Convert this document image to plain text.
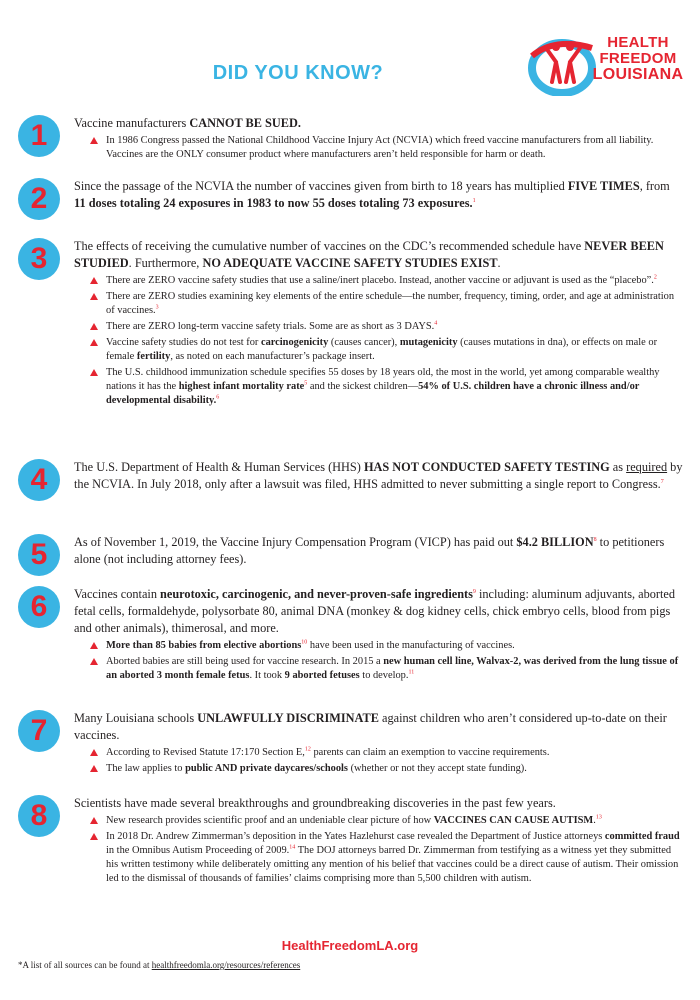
DID YOU KNOW?
HEALTH
FREEDOM
LOUISIANA
1	Vaccine manufacturers CANNOT BE SUED.

In 1986 Congress passed the National Childhood Vaccine Injury Act (NCVIA) which freed vaccine manufacturers from all liability. Vaccines are the ONLY consumer product where manufacturers aren’t held responsible for harm or death.
2	Since the passage of the NCVIA the number of vaccines given from birth to 18 years has multiplied FIVE TIMES, from 11 doses totaling 24 exposures in 1983 to now 55 doses totaling 73 exposures.$^1$

3	The effects of receiving the cumulative number of vaccines on the CDC’s recommended schedule have NEVER BEEN STUDIED. Furthermore, NO ADEQUATE VACCINE SAFETY STUDIES EXIST.

There are ZERO vaccine safety studies that use a saline/inert placebo. Instead, another vaccine or adjuvant is used as the “placebo”.$^2$
There are ZERO studies examining key elements of the entire schedule—the number, frequency, timing, order, and age at administration of vaccines.$^3$
There are ZERO long-term vaccine safety trials. Some are as short as 3 DAYS.$^4$
Vaccine safety studies do not test for carcinogenicity (causes cancer), mutagenicity (causes mutations in dna), or effects on male or female fertility, as noted on each manufacturer’s package insert.
The U.S. childhood immunization schedule specifies 55 doses by 18 years old, the most in the world, yet among comparable wealthy nations it has the highest infant mortality rate$^5$ and the sickest children—54% of U.S. children have a chronic illness and/or developmental disability.$^6$
4	The U.S. Department of Health & Human Services (HHS) HAS NOT CONDUCTED SAFETY TESTING as required by the NCVIA. In July 2018, only after a lawsuit was filed, HHS admitted to never submitting a single report to Congress.$^7$

5	As of November 1, 2019, the Vaccine Injury Compensation Program (VICP) has paid out $4.2 BILLION$^8$ to petitioners alone (not including attorney fees).

6	Vaccines contain neurotoxic, carcinogenic, and never-proven-safe ingredients$^9$ including: aluminum adjuvants, aborted fetal cells, formaldehyde, polysorbate 80, animal DNA (monkey & dog kidney cells, chick embryo cells, blood from pigs and other animals), thimerosal, and more.

More than 85 babies from elective abortions$^{10}$ have been used in the manufacturing of vaccines.
Aborted babies are still being used for vaccine research. In 2015 a new human cell line, Walvax-2, was derived from the lung tissue of an aborted 3 month female fetus. It took 9 aborted fetuses to develop.$^{11}$
7	Many Louisiana schools UNLAWFULLY DISCRIMINATE against children who aren’t considered up-to-date on their vaccines.

According to Revised Statute 17:170 Section E,$^{12}$ parents can claim an exemption to vaccine requirements.
The law applies to public AND private daycares/schools (whether or not they accept state funding).
8	Scientists have made several breakthroughs and groundbreaking discoveries in the past few years.

New research provides scientific proof and an undeniable clear picture of how VACCINES CAN CAUSE AUTISM.$^{13}$
In 2018 Dr. Andrew Zimmerman’s deposition in the Yates Hazlehurst case revealed the Department of Justice attorneys committed fraud in the Omnibus Autism Proceeding of 2009.14 The DOJ attorneys barred Dr. Zimmerman from testifying as a witness yet they submitted his written testimony while deliberately omitting any mention of his belief that vaccines could be a direct cause of autism. Their omission led to the dismissal of thousands of families’ claims comprising more than 5,500 children with autism.
HealthFreedomLA.org
*A list of all sources can be found at healthfreedomla.org/resources/references
